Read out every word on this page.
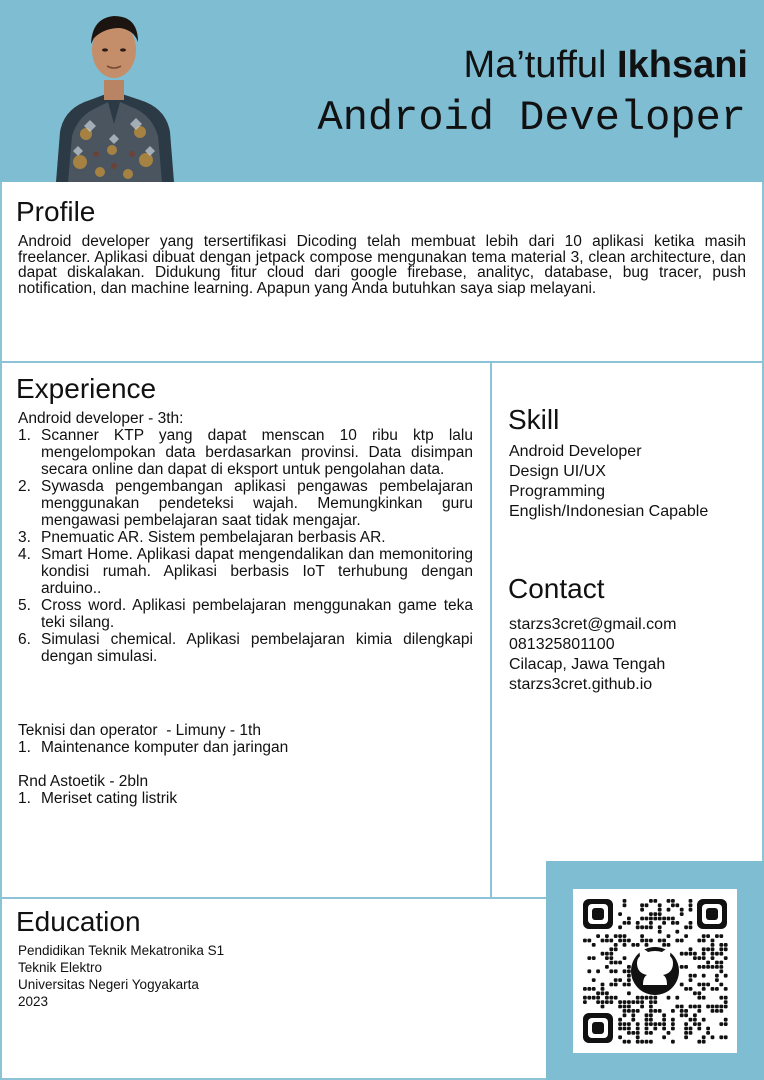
Ma’tufful Ikhsani
Android Developer
Profile
Android developer yang tersertifikasi Dicoding telah membuat lebih dari 10 aplikasi ketika masih freelancer. Aplikasi dibuat dengan jetpack compose mengunakan tema material 3, clean architecture, dan dapat diskalakan. Didukung fitur cloud dari google firebase, analityc, database, bug tracer, push notification, dan machine learning. Apapun yang Anda butuhkan saya siap melayani.
Experience
Android developer - 3th:
1. Scanner KTP yang dapat menscan 10 ribu ktp lalu mengelompokan data berdasarkan provinsi. Data disimpan secara online dan dapat di eksport untuk pengolahan data.
2. Sywasda pengembangan aplikasi pengawas pembelajaran menggunakan pendeteksi wajah. Memungkinkan guru mengawasi pembelajaran saat tidak mengajar.
3. Pnemuatic AR. Sistem pembelajaran berbasis AR.
4. Smart Home. Aplikasi dapat mengendalikan dan memonitoring kondisi rumah. Aplikasi berbasis IoT terhubung dengan arduino..
5. Cross word. Aplikasi pembelajaran menggunakan game teka teki silang.
6. Simulasi chemical. Aplikasi pembelajaran kimia dilengkapi dengan simulasi.
Teknisi dan operator  - Limuny - 1th
1. Maintenance komputer dan jaringan
Rnd Astoetik - 2bln
1. Meriset cating listrik
Skill
Android Developer
Design UI/UX
Programming
English/Indonesian Capable
Contact
starzs3cret@gmail.com
081325801100
Cilacap, Jawa Tengah
starzs3cret.github.io
Education
Pendidikan Teknik Mekatronika S1
Teknik Elektro
Universitas Negeri Yogyakarta
2023
